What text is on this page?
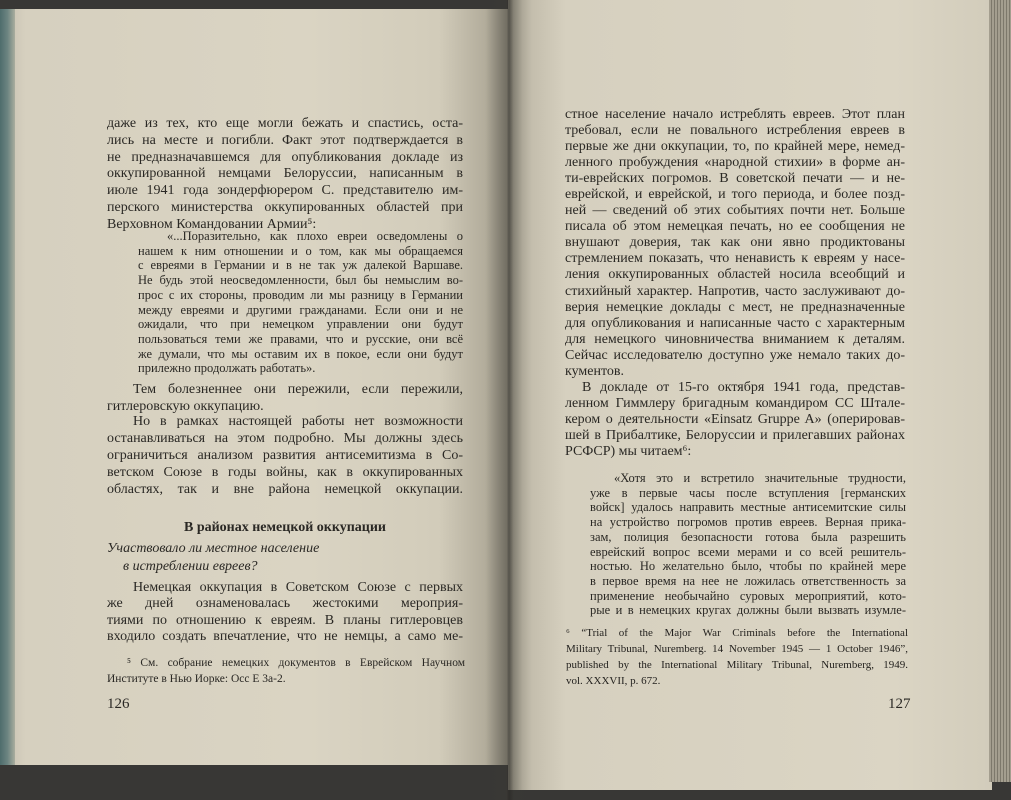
даже из тех, кто еще могли бежать и спастись, оста-
лись на месте и погибли. Факт этот подтверждается в
не предназначавшемся для опубликования докладе из
оккупированной немцами Белоруссии, написанным в
июле 1941 года зондерфюрером С. представителю им-
перского министерства оккупированных областей при
Верховном Командовании Армии⁵:
«...Поразительно, как плохо евреи осведомлены о
нашем к ним отношении и о том, как мы обращаемся
с евреями в Германии и в не так уж далекой Варшаве.
Не будь этой неосведомленности, был бы немыслим во-
прос с их стороны, проводим ли мы разницу в Германии
между евреями и другими гражданами. Если они и не
ожидали, что при немецком управлении они будут
пользоваться теми же правами, что и русские, они всё
же думали, что мы оставим их в покое, если они будут
прилежно продолжать работать».
Тем болезненнее они пережили, если пережили,
гитлеровскую оккупацию.
Но в рамках настоящей работы нет возможности
останавливаться на этом подробно. Мы должны здесь
ограничиться анализом развития антисемитизма в Со-
ветском Союзе в годы войны, как в оккупированных
областях, так и вне района немецкой оккупации.
В районах немецкой оккупации
Участвовало ли местное население
в истреблении евреев?
Немецкая оккупация в Советском Союзе с первых
же дней ознаменовалась жестокими мероприя-
тиями по отношению к евреям. В планы гитлеровцев
входило создать впечатление, что не немцы, а само ме-
⁵ См. собрание немецких документов в Еврейском Научном
Институте в Нью Иорке: Осс Е 3а-2.
126
стное население начало истреблять евреев. Этот план
требовал, если не повального истребления евреев в
первые же дни оккупации, то, по крайней мере, немед-
ленного пробуждения «народной стихии» в форме ан-
ти-еврейских погромов. В советской печати — и не-
еврейской, и еврейской, и того периода, и более позд-
ней — сведений об этих событиях почти нет. Больше
писала об этом немецкая печать, но ее сообщения не
внушают доверия, так как они явно продиктованы
стремлением показать, что ненависть к евреям у насе-
ления оккупированных областей носила всеобщий и
стихийный характер. Напротив, часто заслуживают до-
верия немецкие доклады с мест, не предназначенные
для опубликования и написанные часто с характерным
для немецкого чиновничества вниманием к деталям.
Сейчас исследователю доступно уже немало таких до-
кументов.
В докладе от 15-го октября 1941 года, представ-
ленном Гиммлеру бригадным командиром СС Штале-
кером о деятельности «Einsatz Gruppe A» (оперировав-
шей в Прибалтике, Белоруссии и прилегавших районах
РСФСР) мы читаем⁶:
«Хотя это и встретило значительные трудности,
уже в первые часы после вступления [германских
войск] удалось направить местные антисемитские силы
на устройство погромов против евреев. Верная прика-
зам, полиция безопасности готова была разрешить
еврейский вопрос всеми мерами и со всей решитель-
ностью. Но желательно было, чтобы по крайней мере
в первое время на нее не ложилась ответственность за
применение необычайно суровых мероприятий, кото-
рые и в немецких кругах должны были вызвать изумле-
⁶ “Trial of the Major War Criminals before the International
Military Tribunal, Nuremberg. 14 November 1945 — 1 October 1946”,
published by the International Military Tribunal, Nuremberg, 1949.
vol. XXXVII, p. 672.
127
